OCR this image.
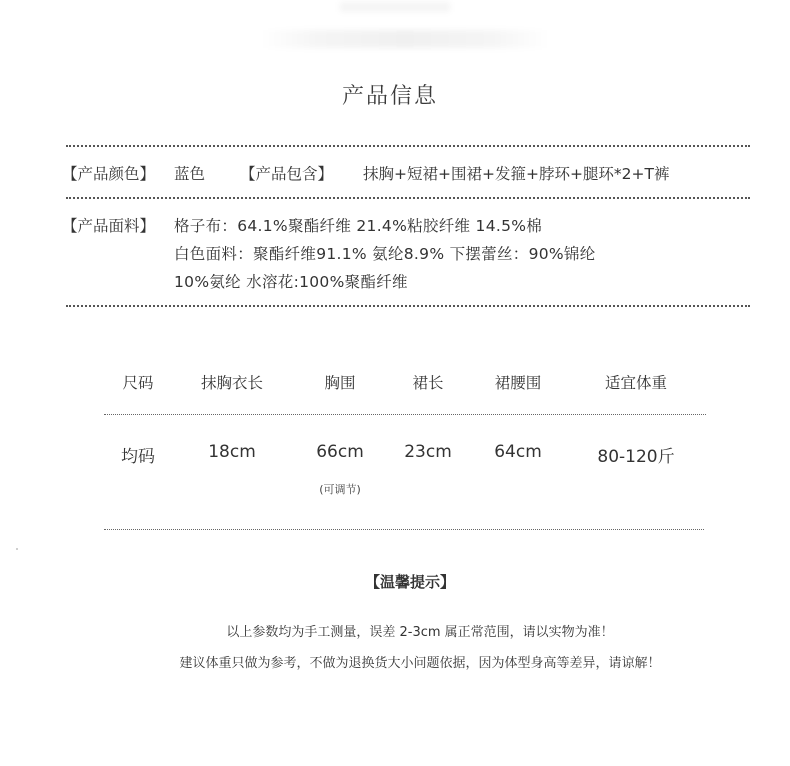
产品信息
【产品颜色】 蓝色 【产品包含】 抹胸+短裙+围裙+发箍+脖环+腿环*2+T裤
【产品面料】 格子布：64.1%聚酯纤维 21.4%粘胶纤维 14.5%棉
白色面料：聚酯纤维91.1% 氨纶8.9% 下摆蕾丝：90%锦纶
10%氨纶 水溶花:100%聚酯纤维
尺码	抹胸衣长	胸围	裙长	裙腰围	适宜体重
均码	18cm	66cm	23cm	64cm	80-120斤
(可调节)
【温馨提示】
以上参数均为手工测量，误差 2-3cm 属正常范围，请以实物为准！
建议体重只做为参考，不做为退换货大小问题依据，因为体型身高等差异，请谅解！
